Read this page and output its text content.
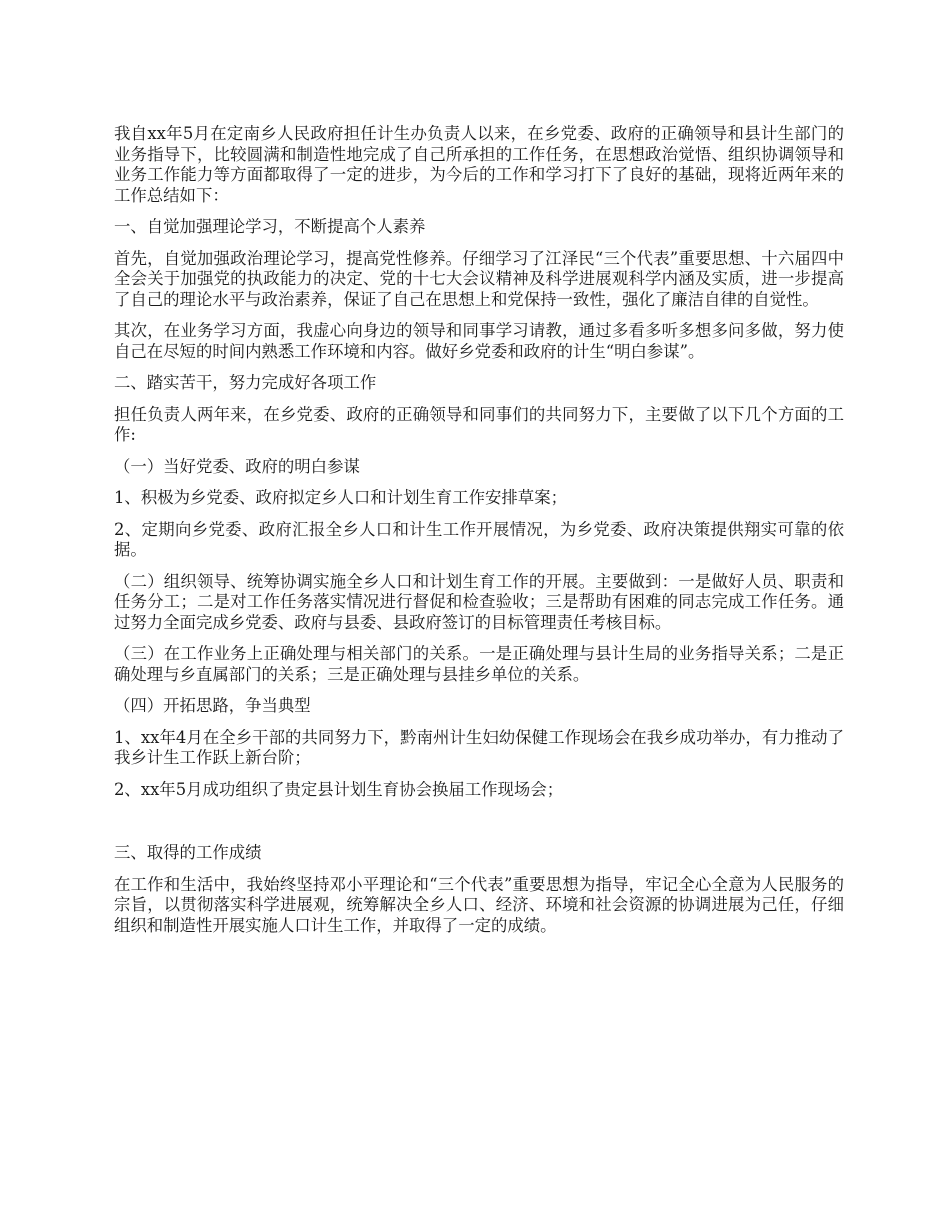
我自xx年5月在定南乡人民政府担任计生办负责人以来，在乡党委、政府的正确领导和县计生部门的业务指导下，比较圆满和制造性地完成了自己所承担的工作任务，在思想政治觉悟、组织协调领导和业务工作能力等方面都取得了一定的进步，为今后的工作和学习打下了良好的基础，现将近两年来的工作总结如下：

一、自觉加强理论学习，不断提高个人素养

首先，自觉加强政治理论学习，提高党性修养。仔细学习了江泽民“三个代表”重要思想、十六届四中全会关于加强党的执政能力的决定、党的十七大会议精神及科学进展观科学内涵及实质，进一步提高了自己的理论水平与政治素养，保证了自己在思想上和党保持一致性，强化了廉洁自律的自觉性。

其次，在业务学习方面，我虚心向身边的领导和同事学习请教，通过多看多听多想多问多做，努力使自己在尽短的时间内熟悉工作环境和内容。做好乡党委和政府的计生“明白参谋”。

二、踏实苦干，努力完成好各项工作

担任负责人两年来，在乡党委、政府的正确领导和同事们的共同努力下，主要做了以下几个方面的工作:

（一）当好党委、政府的明白参谋

1、积极为乡党委、政府拟定乡人口和计划生育工作安排草案；

2、定期向乡党委、政府汇报全乡人口和计生工作开展情况，为乡党委、政府决策提供翔实可靠的依据。

（二）组织领导、统筹协调实施全乡人口和计划生育工作的开展。主要做到：一是做好人员、职责和任务分工；二是对工作任务落实情况进行督促和检查验收；三是帮助有困难的同志完成工作任务。通过努力全面完成乡党委、政府与县委、县政府签订的目标管理责任考核目标。

（三）在工作业务上正确处理与相关部门的关系。一是正确处理与县计生局的业务指导关系；二是正确处理与乡直属部门的关系；三是正确处理与县挂乡单位的关系。

（四）开拓思路，争当典型

1、xx年4月在全乡干部的共同努力下，黔南州计生妇幼保健工作现场会在我乡成功举办，有力推动了我乡计生工作跃上新台阶；

2、xx年5月成功组织了贵定县计划生育协会换届工作现场会；

三、取得的工作成绩

在工作和生活中，我始终坚持邓小平理论和“三个代表”重要思想为指导，牢记全心全意为人民服务的宗旨，以贯彻落实科学进展观，统筹解决全乡人口、经济、环境和社会资源的协调进展为己任，仔细组织和制造性开展实施人口计生工作，并取得了一定的成绩。
